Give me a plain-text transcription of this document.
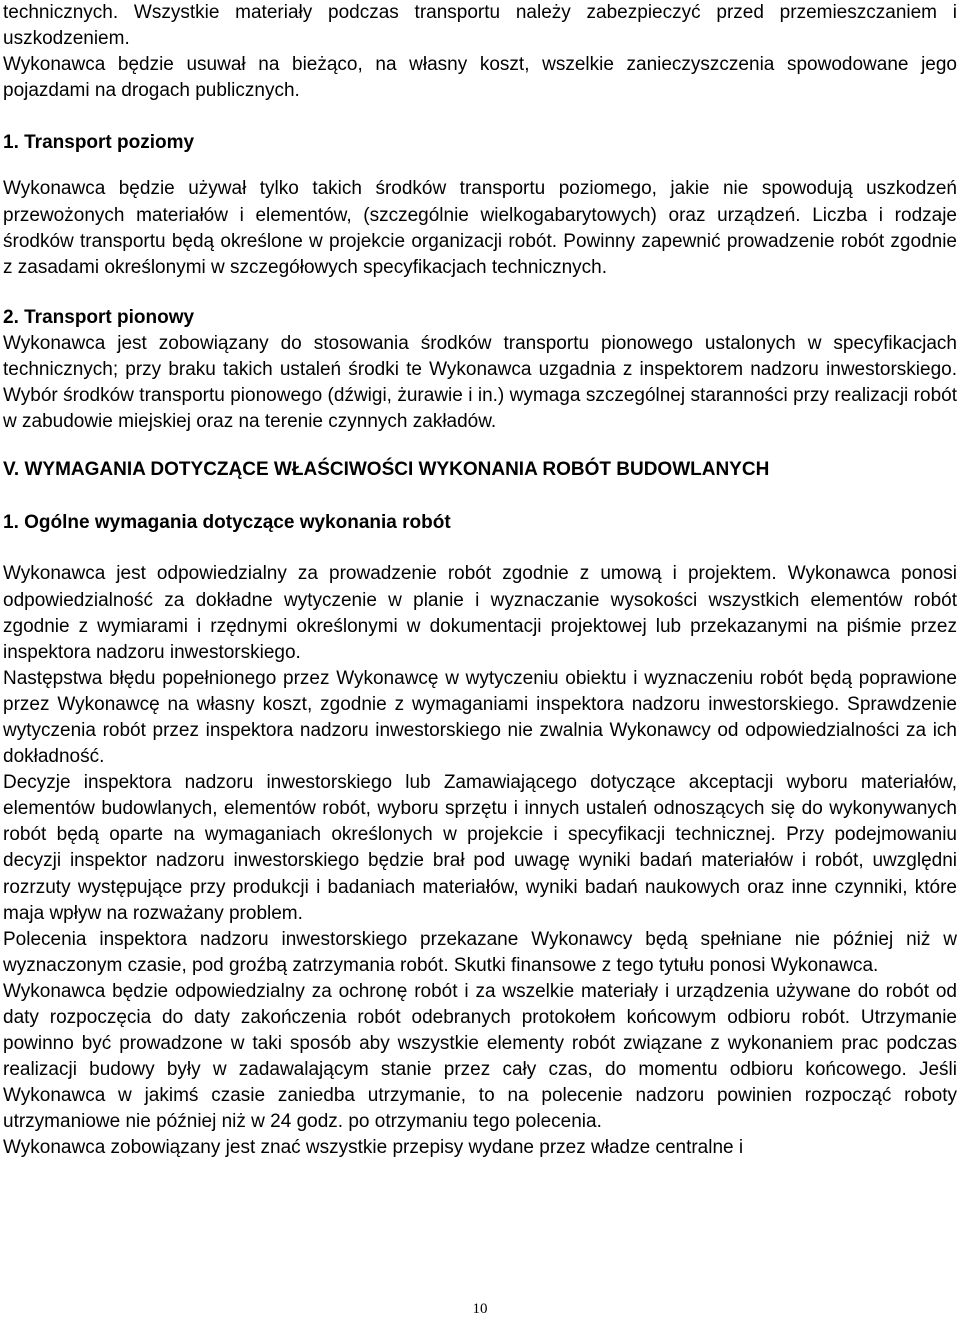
technicznych. Wszystkie materiały podczas transportu należy zabezpieczyć przed przemieszczaniem i uszkodzeniem.

Wykonawca będzie usuwał na bieżąco, na własny koszt, wszelkie zanieczyszczenia spowodowane jego pojazdami na drogach publicznych.

1. Transport poziomy

Wykonawca będzie używał tylko takich środków transportu poziomego, jakie nie spowodują uszkodzeń przewożonych materiałów i elementów, (szczególnie wielkogabarytowych) oraz urządzeń. Liczba i rodzaje środków transportu będą określone w projekcie organizacji robót. Powinny zapewnić prowadzenie robót zgodnie z zasadami określonymi w szczegółowych specyfikacjach technicznych.

2. Transport pionowy

Wykonawca jest zobowiązany do stosowania środków transportu pionowego ustalonych w specyfikacjach technicznych; przy braku takich ustaleń środki te Wykonawca uzgadnia z inspektorem nadzoru inwestorskiego. Wybór środków transportu pionowego (dźwigi, żurawie i in.) wymaga szczególnej staranności przy realizacji robót w zabudowie miejskiej oraz na terenie czynnych zakładów.

V. WYMAGANIA DOTYCZĄCE WŁAŚCIWOŚCI WYKONANIA ROBÓT BUDOWLANYCH
1. Ogólne wymagania dotyczące wykonania robót

Wykonawca jest odpowiedzialny za prowadzenie robót zgodnie z umową i projektem. Wykonawca ponosi odpowiedzialność za dokładne wytyczenie w planie i wyznaczanie wysokości wszystkich elementów robót zgodnie z wymiarami i rzędnymi określonymi w dokumentacji projektowej lub przekazanymi na piśmie przez inspektora nadzoru inwestorskiego.

Następstwa błędu popełnionego przez Wykonawcę w wytyczeniu obiektu i wyznaczeniu robót będą poprawione przez Wykonawcę na własny koszt, zgodnie z wymaganiami inspektora nadzoru inwestorskiego. Sprawdzenie wytyczenia robót przez inspektora nadzoru inwestorskiego nie zwalnia Wykonawcy od odpowiedzialności za ich dokładność.

Decyzje inspektora nadzoru inwestorskiego lub Zamawiającego dotyczące akceptacji wyboru materiałów, elementów budowlanych, elementów robót, wyboru sprzętu i innych ustaleń odnoszących się do wykonywanych robót będą oparte na wymaganiach określonych w projekcie i specyfikacji technicznej. Przy podejmowaniu decyzji inspektor nadzoru inwestorskiego będzie brał pod uwagę wyniki badań materiałów i robót, uwzględni rozrzuty występujące przy produkcji i badaniach materiałów, wyniki badań naukowych oraz inne czynniki, które maja wpływ na rozważany problem.

Polecenia inspektora nadzoru inwestorskiego przekazane Wykonawcy będą spełniane nie później niż w wyznaczonym czasie, pod groźbą zatrzymania robót. Skutki finansowe z tego tytułu ponosi Wykonawca.

Wykonawca będzie odpowiedzialny za ochronę robót i za wszelkie materiały i urządzenia używane do robót od daty rozpoczęcia do daty zakończenia robót odebranych protokołem końcowym odbioru robót. Utrzymanie powinno być prowadzone w taki sposób aby wszystkie elementy robót związane z wykonaniem prac podczas realizacji budowy były w zadawalającym stanie przez cały czas, do momentu odbioru końcowego. Jeśli Wykonawca w jakimś czasie zaniedba utrzymanie, to na polecenie nadzoru powinien rozpocząć roboty utrzymaniowe nie później niż w 24 godz. po otrzymaniu tego polecenia.

Wykonawca zobowiązany jest znać wszystkie przepisy wydane przez władze centralne i

10
